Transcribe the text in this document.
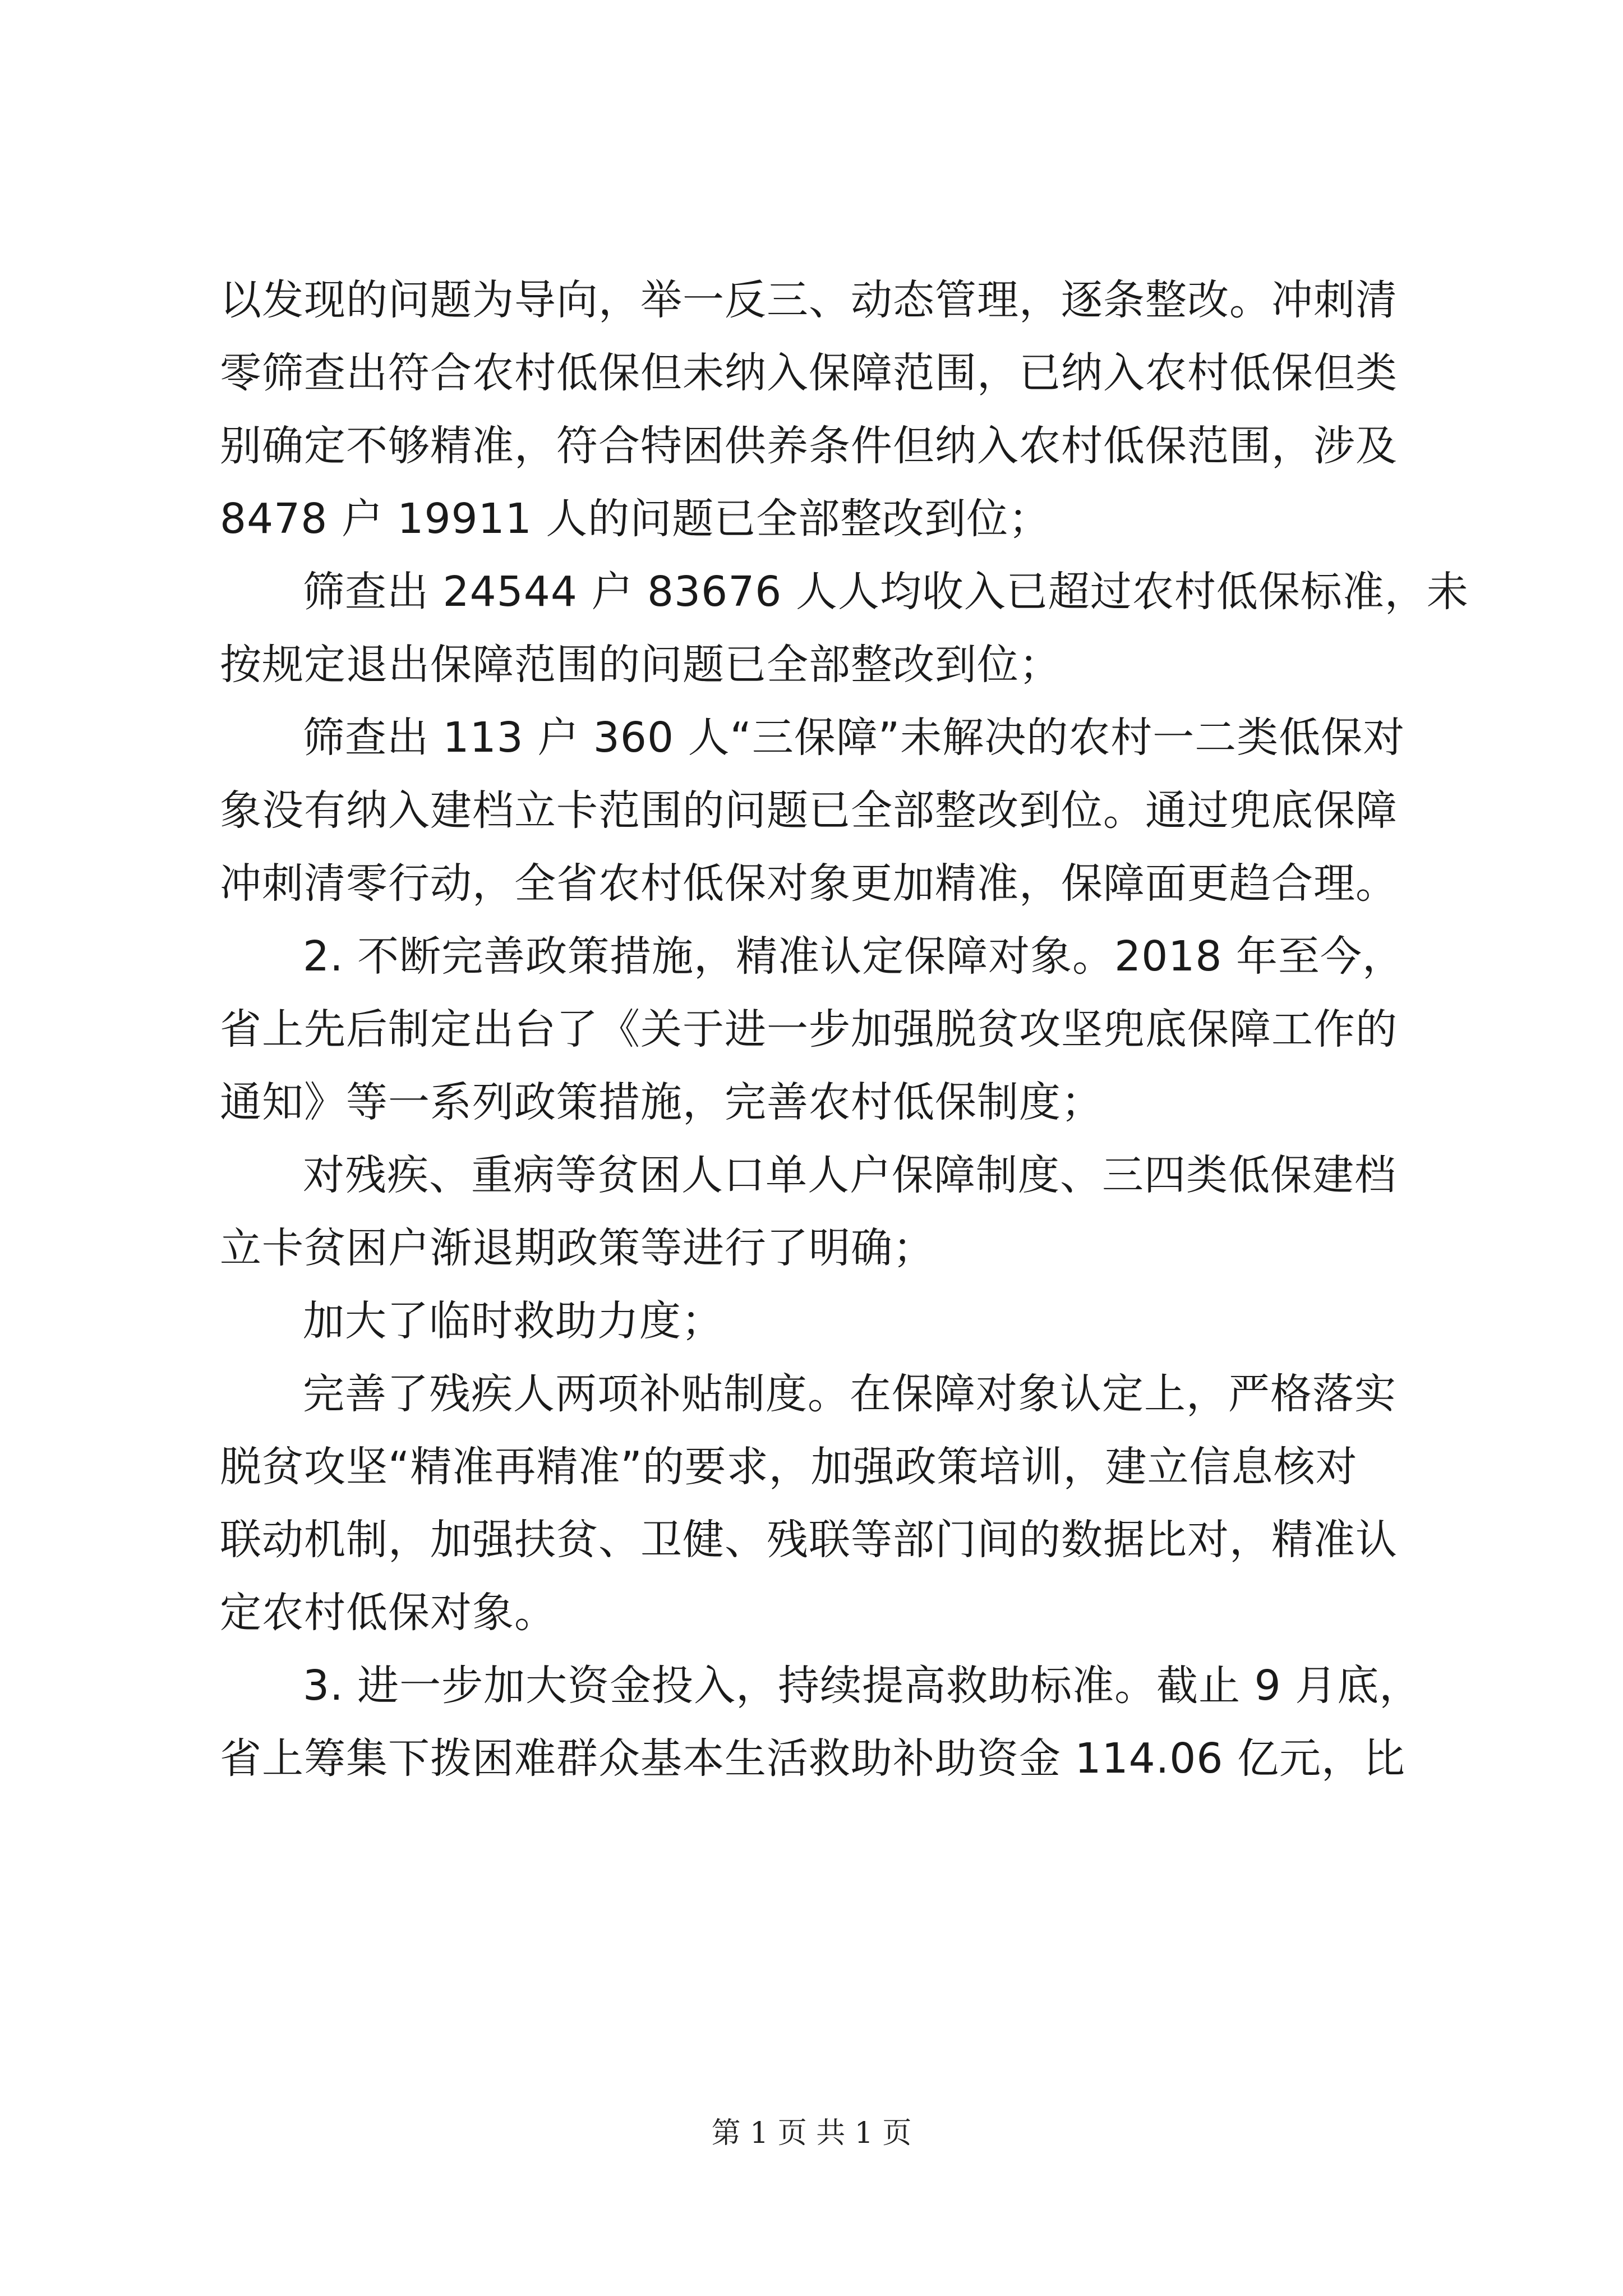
以发现的问题为导向，举一反三、动态管理，逐条整改。冲刺清
零筛查出符合农村低保但未纳入保障范围，已纳入农村低保但类
别确定不够精准，符合特困供养条件但纳入农村低保范围，涉及
8478 户 19911 人的问题已全部整改到位；
筛查出 24544 户 83676 人人均收入已超过农村低保标准，未
按规定退出保障范围的问题已全部整改到位；
筛查出 113 户 360 人“三保障”未解决的农村一二类低保对
象没有纳入建档立卡范围的问题已全部整改到位。通过兜底保障
冲刺清零行动，全省农村低保对象更加精准，保障面更趋合理。
2. 不断完善政策措施，精准认定保障对象。2018 年至今，
省上先后制定出台了《关于进一步加强脱贫攻坚兜底保障工作的
通知》等一系列政策措施，完善农村低保制度；
对残疾、重病等贫困人口单人户保障制度、三四类低保建档
立卡贫困户渐退期政策等进行了明确；
加大了临时救助力度；
完善了残疾人两项补贴制度。在保障对象认定上，严格落实
脱贫攻坚“精准再精准”的要求，加强政策培训，建立信息核对
联动机制，加强扶贫、卫健、残联等部门间的数据比对，精准认
定农村低保对象。
3. 进一步加大资金投入，持续提高救助标准。截止 9 月底，
省上筹集下拨困难群众基本生活救助补助资金 114.06 亿元，比
第 1 页 共 1 页
